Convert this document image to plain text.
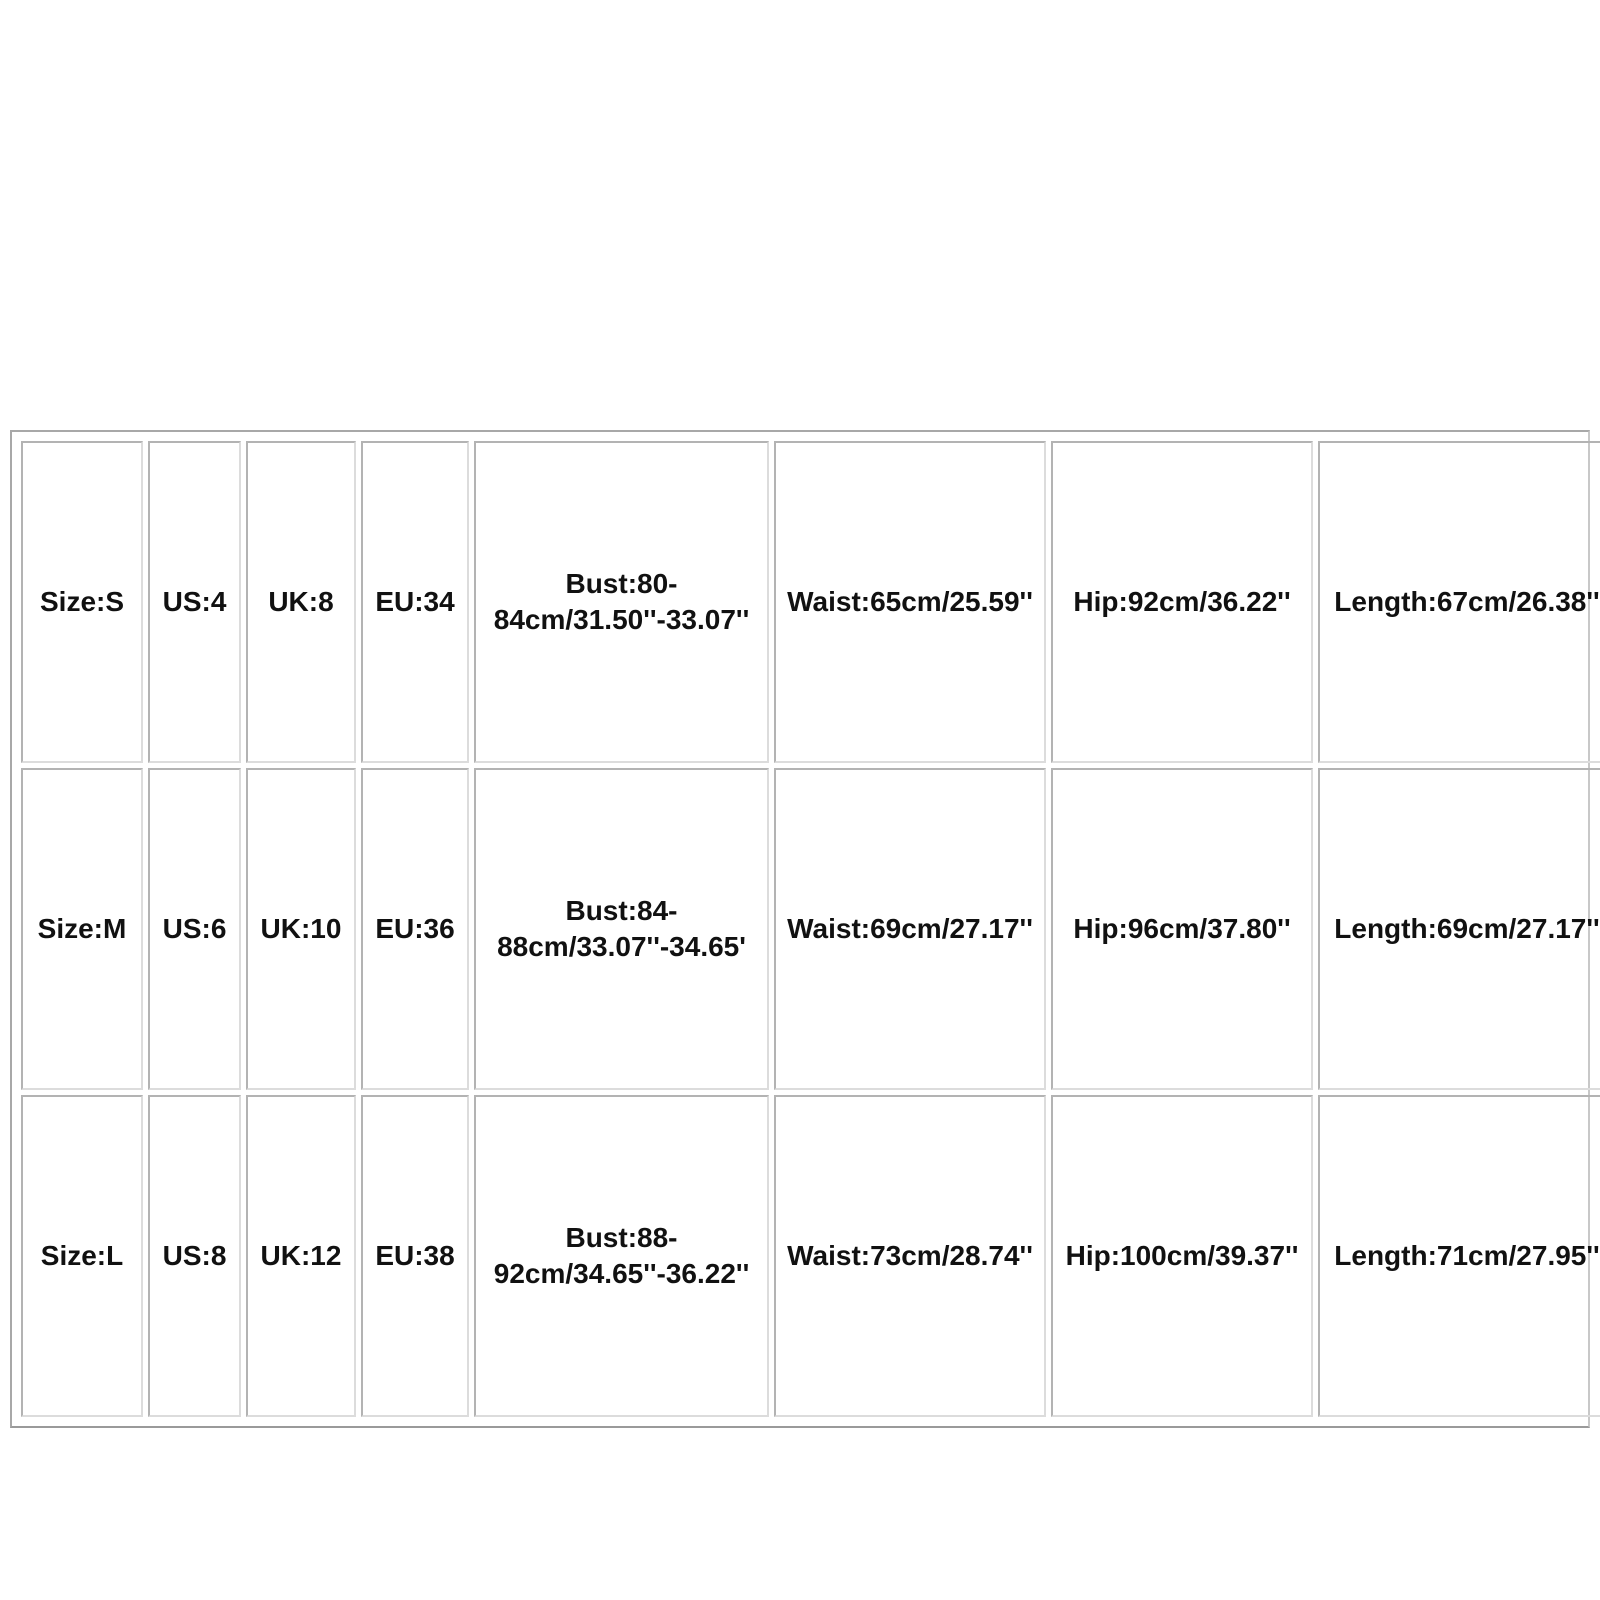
Size:S	US:4	UK:8	EU:34	Bust:80-
84cm/31.50''-33.07''	Waist:65cm/25.59''	Hip:92cm/36.22''	Length:67cm/26.38''
Size:M	US:6	UK:10	EU:36	Bust:84-
88cm/33.07''-34.65'	Waist:69cm/27.17''	Hip:96cm/37.80''	Length:69cm/27.17''
Size:L	US:8	UK:12	EU:38	Bust:88-
92cm/34.65''-36.22''	Waist:73cm/28.74''	Hip:100cm/39.37''	Length:71cm/27.95''
